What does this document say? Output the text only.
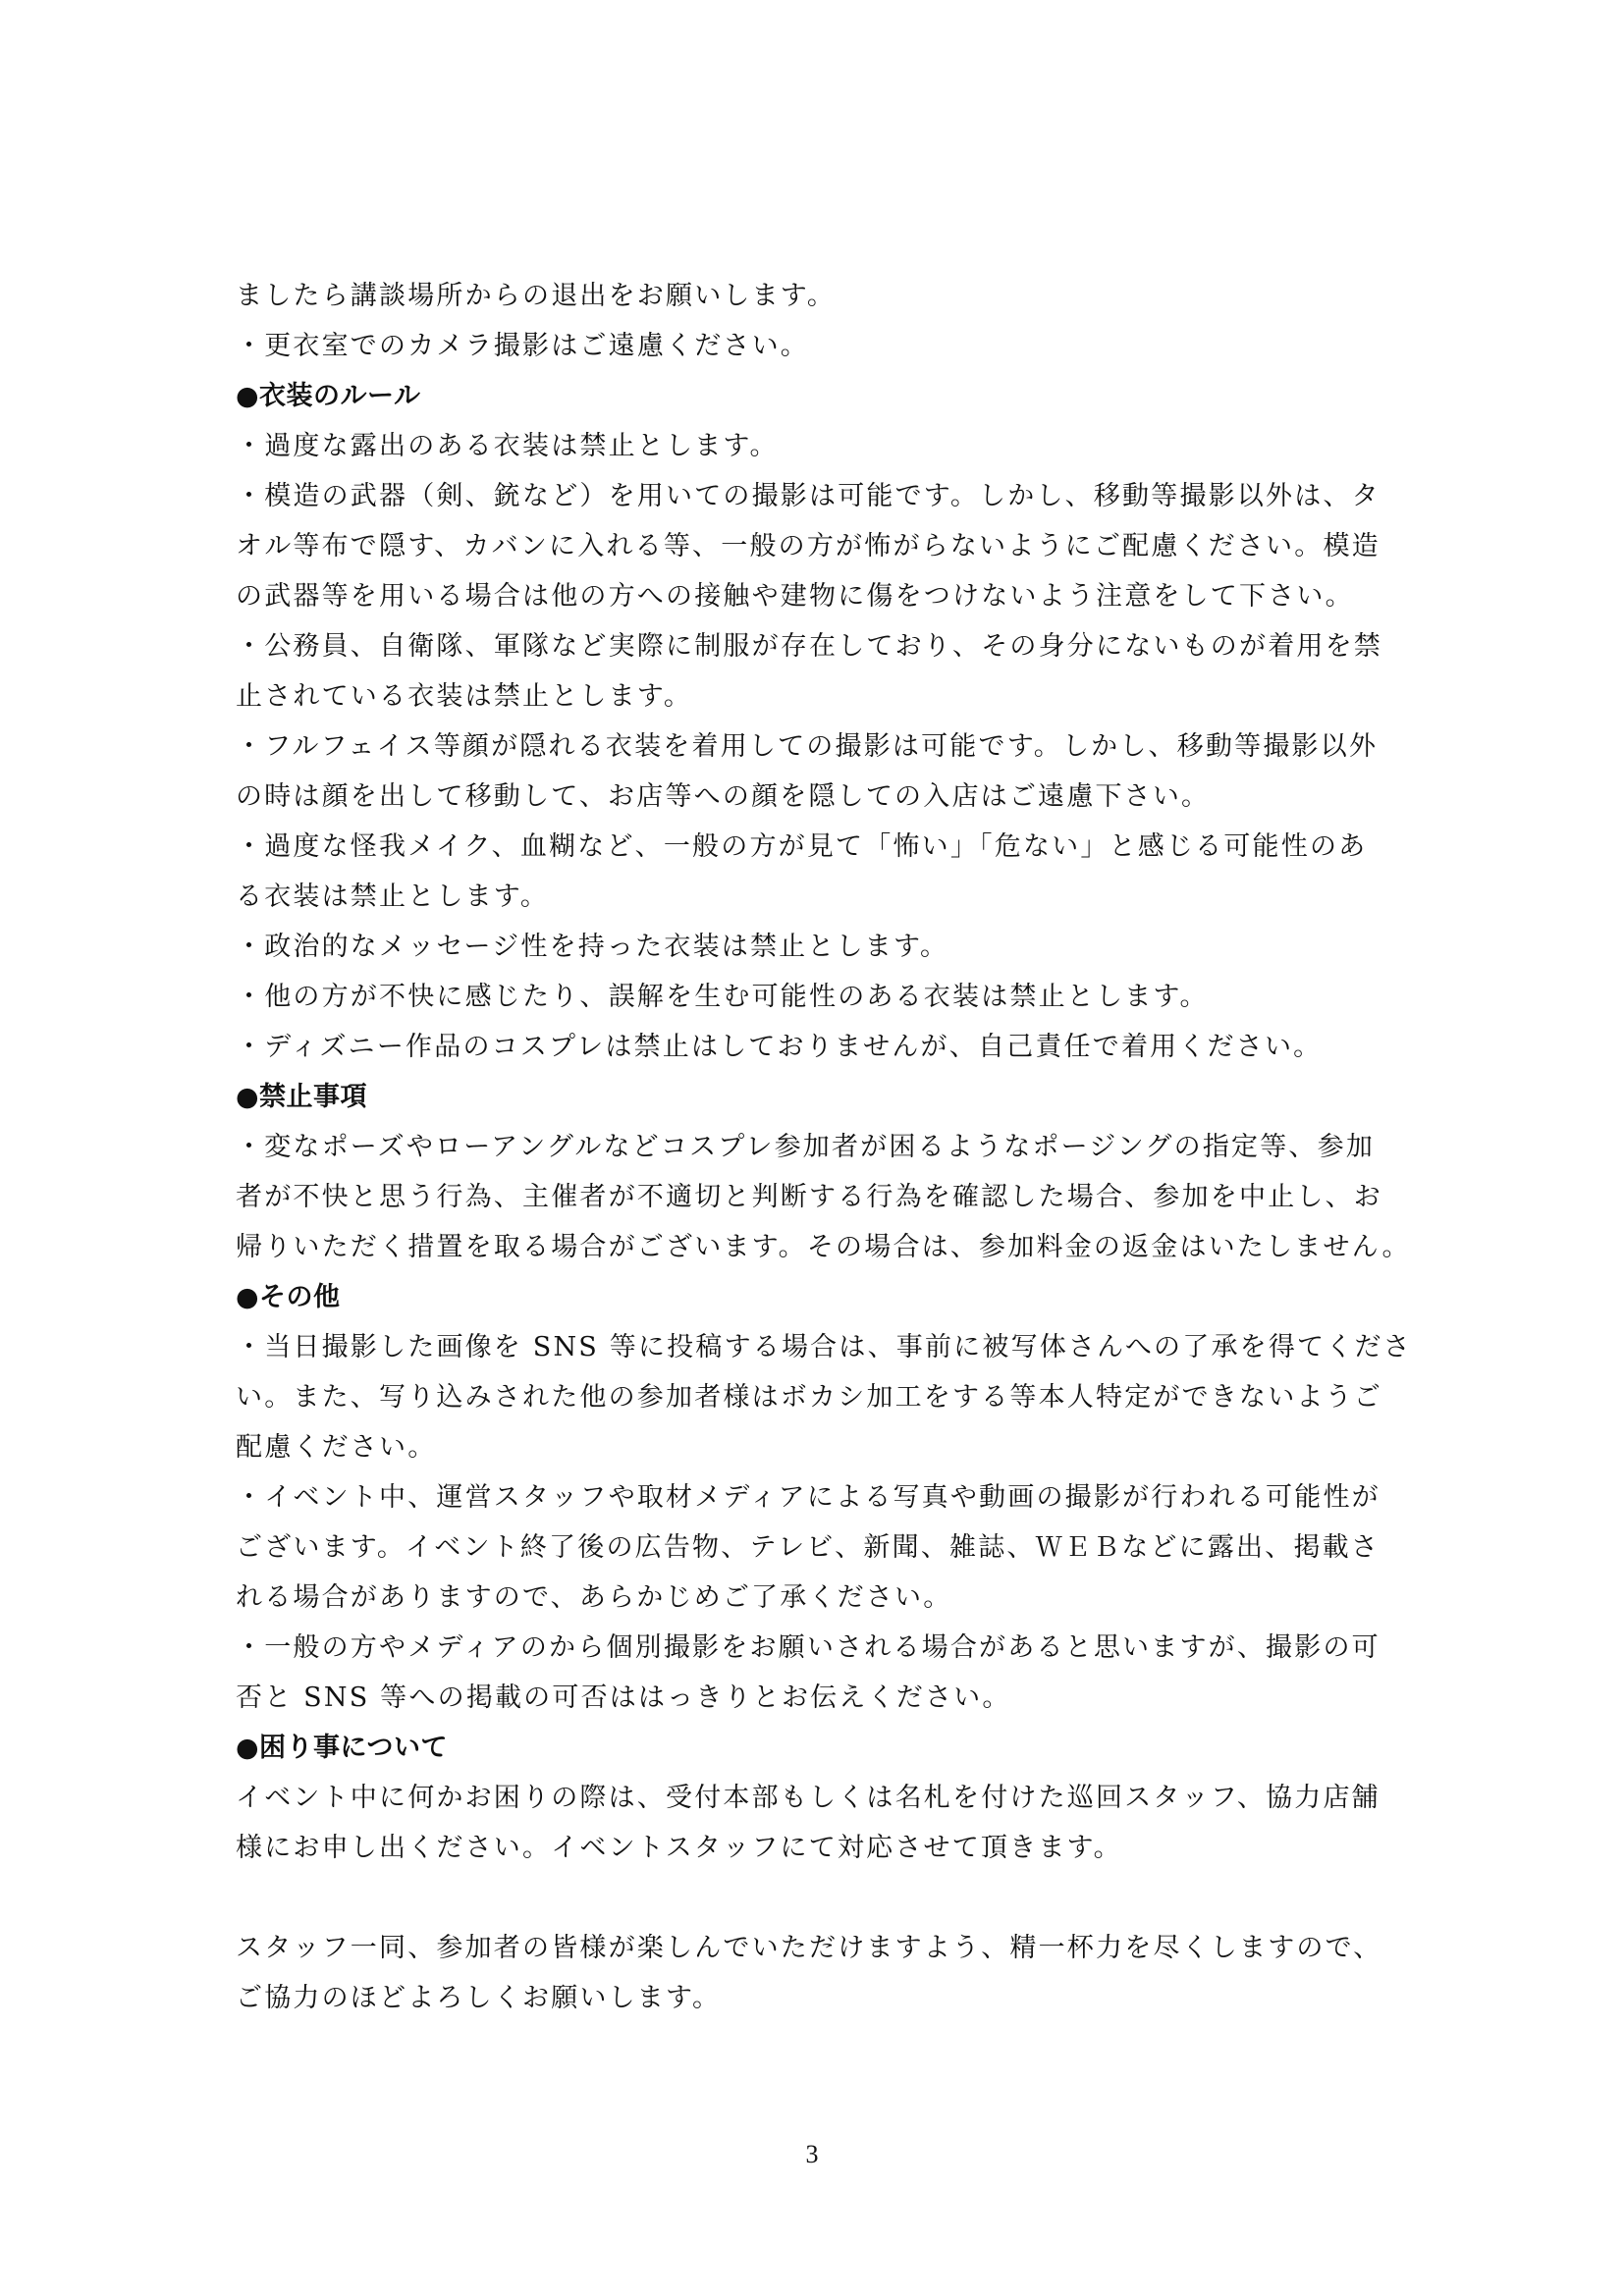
ましたら講談場所からの退出をお願いします。
・更衣室でのカメラ撮影はご遠慮ください。
●衣装のルール
・過度な露出のある衣装は禁止とします。
・模造の武器（剣、銃など）を用いての撮影は可能です。しかし、移動等撮影以外は、タ
オル等布で隠す、カバンに入れる等、一般の方が怖がらないようにご配慮ください。模造
の武器等を用いる場合は他の方への接触や建物に傷をつけないよう注意をして下さい。
・公務員、自衛隊、軍隊など実際に制服が存在しており、その身分にないものが着用を禁
止されている衣装は禁止とします。
・フルフェイス等顔が隠れる衣装を着用しての撮影は可能です。しかし、移動等撮影以外
の時は顔を出して移動して、お店等への顔を隠しての入店はご遠慮下さい。
・過度な怪我メイク、血糊など、一般の方が見て「怖い」「危ない」と感じる可能性のあ
る衣装は禁止とします。
・政治的なメッセージ性を持った衣装は禁止とします。
・他の方が不快に感じたり、誤解を生む可能性のある衣装は禁止とします。
・ディズニー作品のコスプレは禁止はしておりませんが、自己責任で着用ください。
●禁止事項
・変なポーズやローアングルなどコスプレ参加者が困るようなポージングの指定等、参加
者が不快と思う行為、主催者が不適切と判断する行為を確認した場合、参加を中止し、お
帰りいただく措置を取る場合がございます。その場合は、参加料金の返金はいたしません。
●その他
・当日撮影した画像を SNS 等に投稿する場合は、事前に被写体さんへの了承を得てくださ
い。また、写り込みされた他の参加者様はボカシ加工をする等本人特定ができないようご
配慮ください。
・イベント中、運営スタッフや取材メディアによる写真や動画の撮影が行われる可能性が
ございます。イベント終了後の広告物、テレビ、新聞、雑誌、ＷＥＢなどに露出、掲載さ
れる場合がありますので、あらかじめご了承ください。
・一般の方やメディアのから個別撮影をお願いされる場合があると思いますが、撮影の可
否と SNS 等への掲載の可否ははっきりとお伝えください。
●困り事について
イベント中に何かお困りの際は、受付本部もしくは名札を付けた巡回スタッフ、協力店舗
様にお申し出ください。イベントスタッフにて対応させて頂きます。
スタッフ一同、参加者の皆様が楽しんでいただけますよう、精一杯力を尽くしますので、
ご協力のほどよろしくお願いします。
3
